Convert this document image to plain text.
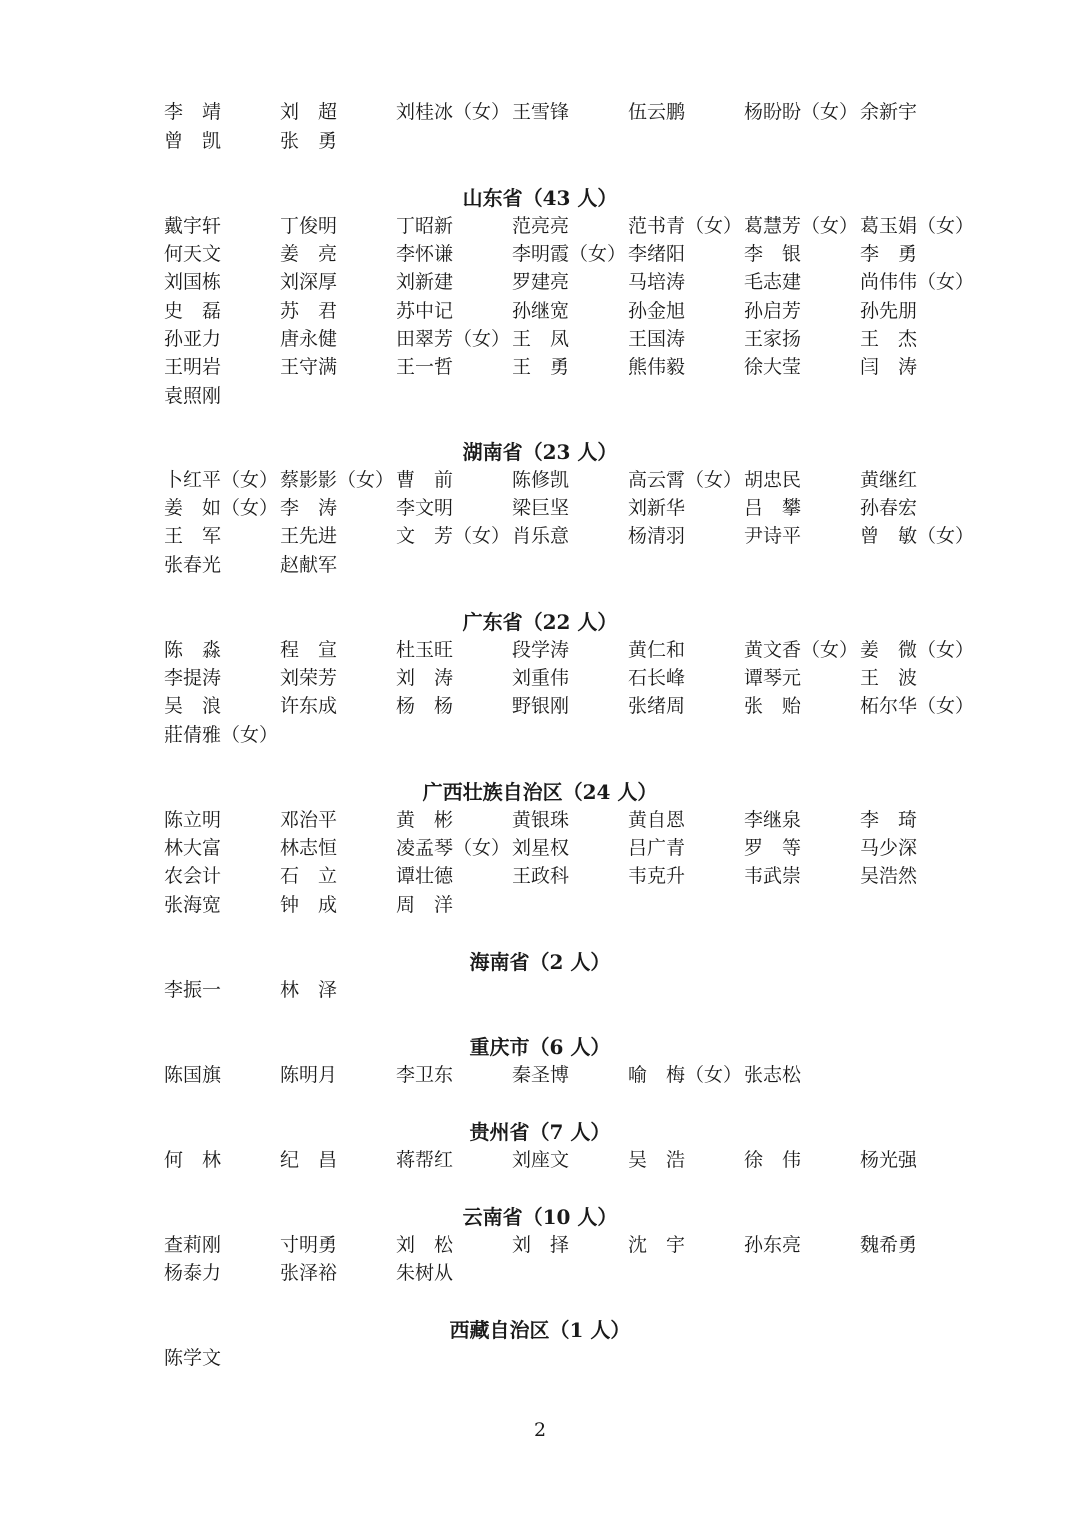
李　靖	刘　超	刘桂冰（女） 王雪锋	伍云鹏	杨盼盼（女） 余新宇
曾　凯	张　勇
山东省（43 人）
戴宇轩	丁俊明	丁昭新	范亮亮	范书青（女） 葛慧芳（女） 葛玉娟（女）
何天文	姜　亮	李怀谦	李明霞（女） 李绪阳	李　银	李　勇
刘国栋	刘深厚	刘新建	罗建亮	马培涛	毛志建	尚伟伟（女）
史　磊	苏　君	苏中记	孙继宽	孙金旭	孙启芳	孙先朋
孙亚力	唐永健	田翠芳（女） 王　凤	王国涛	王家扬	王　杰
王明岩	王守满	王一哲	王　勇	熊伟毅	徐大莹	闫　涛
袁照刚
湖南省（23 人）
卜红平（女） 蔡影影（女） 曹　前	陈修凯	高云霄（女） 胡忠民	黄继红
姜　如（女） 李　涛	李文明	梁巨坚	刘新华	吕　攀	孙春宏
王　军	王先进	文　芳（女） 肖乐意	杨清羽	尹诗平	曾　敏（女）
张春光	赵献军
广东省（22 人）
陈　淼	程　宣	杜玉旺	段学涛	黄仁和	黄文香（女） 姜　微（女）
李提涛	刘荣芳	刘　涛	刘重伟	石长峰	谭琴元	王　波
吴　浪	许东成	杨　杨	野银刚	张绪周	张　贻	柘尔华（女）
莊倩雅（女）
广西壮族自治区（24 人）
陈立明	邓治平	黄　彬	黄银珠	黄自恩	李继泉	李　琦
林大富	林志恒	凌孟琴（女） 刘星权	吕广青	罗　等	马少深
农会计	石　立	谭壮德	王政科	韦克升	韦武崇	吴浩然
张海宽	钟　成	周　洋
海南省（2 人）
李振一	林　泽
重庆市（6 人）
陈国旗	陈明月	李卫东	秦圣博	喻　梅（女） 张志松
贵州省（7 人）
何　林	纪　昌	蒋帮红	刘座文	吴　浩	徐　伟	杨光强
云南省（10 人）
查莉刚	寸明勇	刘　松	刘　择	沈　宇	孙东亮	魏希勇
杨泰力	张泽裕	朱树从
西藏自治区（1 人）
陈学文
2
